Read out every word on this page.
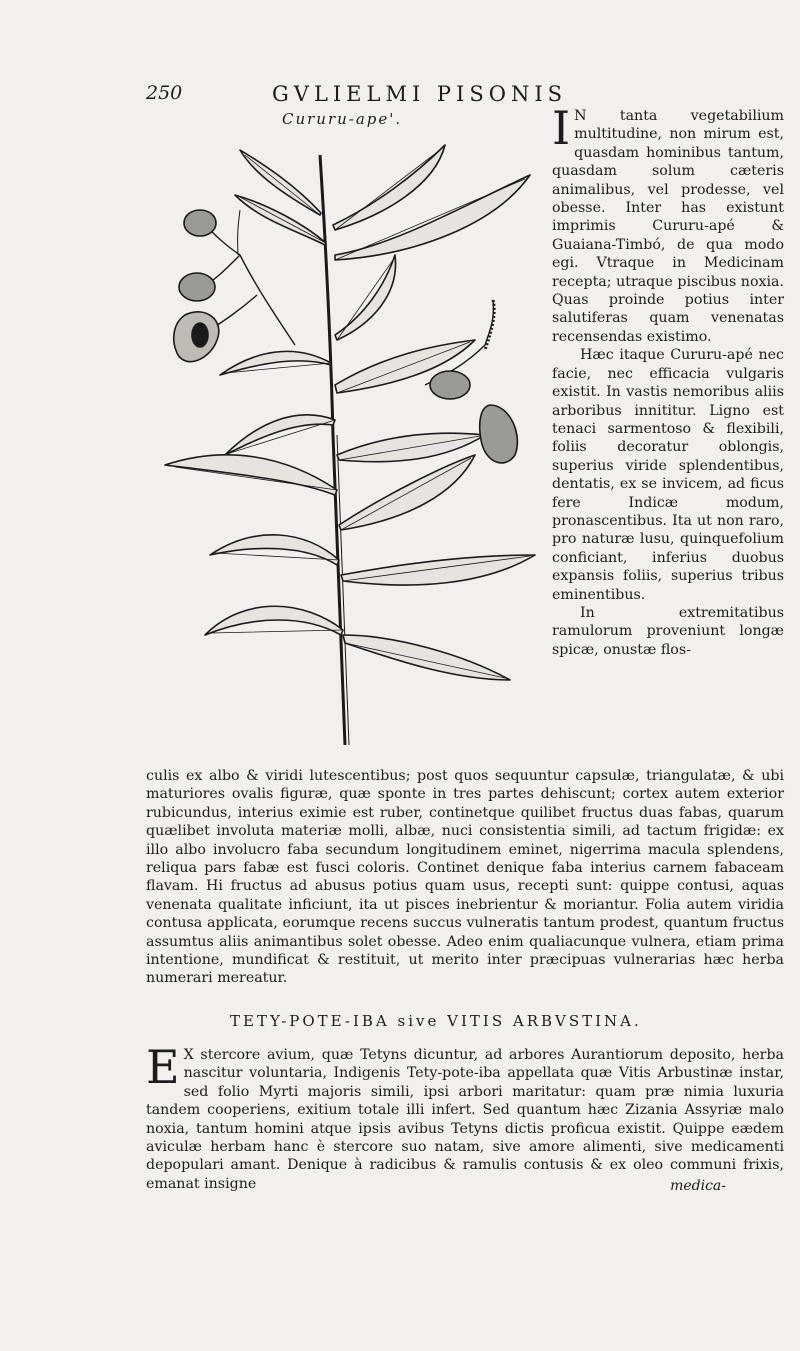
250	GVLIELMI PISONIS
Cururu-ape'.	I N tanta vegetabilium multitudine, non mirum est, quasdam hominibus tantum, quasdam solum cæteris animalibus, vel prodesse, vel obesse. Inter has existunt imprimis Cururu-apé & Guaiana-Timbó, de qua modo egi. Vtraque in Medicinam recepta; utraque piscibus noxia. Quas proinde potius inter salutiferas quam venenatas recensendas existimo.

Hæc itaque Cururu-apé nec facie, nec efficacia vulgaris existit. In vastis nemoribus aliis arboribus innititur. Ligno est tenaci sarmentoso & flexibili, foliis decoratur oblongis, superius viride splendentibus, dentatis, ex se invicem, ad ficus fere Indicæ modum, pronascentibus. Ita ut non raro, pro naturæ lusu, quinquefolium conficiant, inferius duobus expansis foliis, superius tribus eminentibus.

In extremitatibus ramulorum proveniunt longæ spicæ, onustæ flos-

culis ex albo & viridi lutescentibus; post quos sequuntur capsulæ, triangulatæ, & ubi maturiores ovalis figuræ, quæ sponte in tres partes dehiscunt; cortex autem exterior rubicundus, interius eximie est ruber, continetque quilibet fructus duas fabas, quarum quælibet involuta materiæ molli, albæ, nuci consistentia simili, ad tactum frigidæ: ex illo albo involucro faba secundum longitudinem eminet, nigerrima macula splendens, reliqua pars fabæ est fusci coloris. Continet denique faba interius carnem fabaceam flavam. Hi fructus ad abusus potius quam usus, recepti sunt: quippe contusi, aquas venenata qualitate inficiunt, ita ut pisces inebrientur & moriantur. Folia autem viridia contusa applicata, eorumque recens succus vulneratis tantum prodest, quantum fructus assumtus aliis animantibus solet obesse. Adeo enim qualiacunque vulnera, etiam prima intentione, mundificat & restituit, ut merito inter præcipuas vulnerarias hæc herba numerari mereatur.

TETY-POTE-IBA sive VITIS ARBVSTINA.

E X stercore avium, quæ Tetyns dicuntur, ad arbores Aurantiorum deposito, herba nascitur voluntaria, Indigenis Tety-pote-iba appellata quæ Vitis Arbustinæ instar, sed folio Myrti majoris simili, ipsi arbori maritatur: quam præ nimia luxuria tandem cooperiens, exitium totale illi infert. Sed quantum hæc Zizania Assyriæ malo noxia, tantum homini atque ipsis avibus Tetyns dictis proficua existit. Quippe eædem aviculæ herbam hanc è stercore suo natam, sive amore alimenti, sive medicamenti depopulari amant. Denique à radicibus & ramulis contusis & ex oleo communi frixis, emanat insigne	medica-
